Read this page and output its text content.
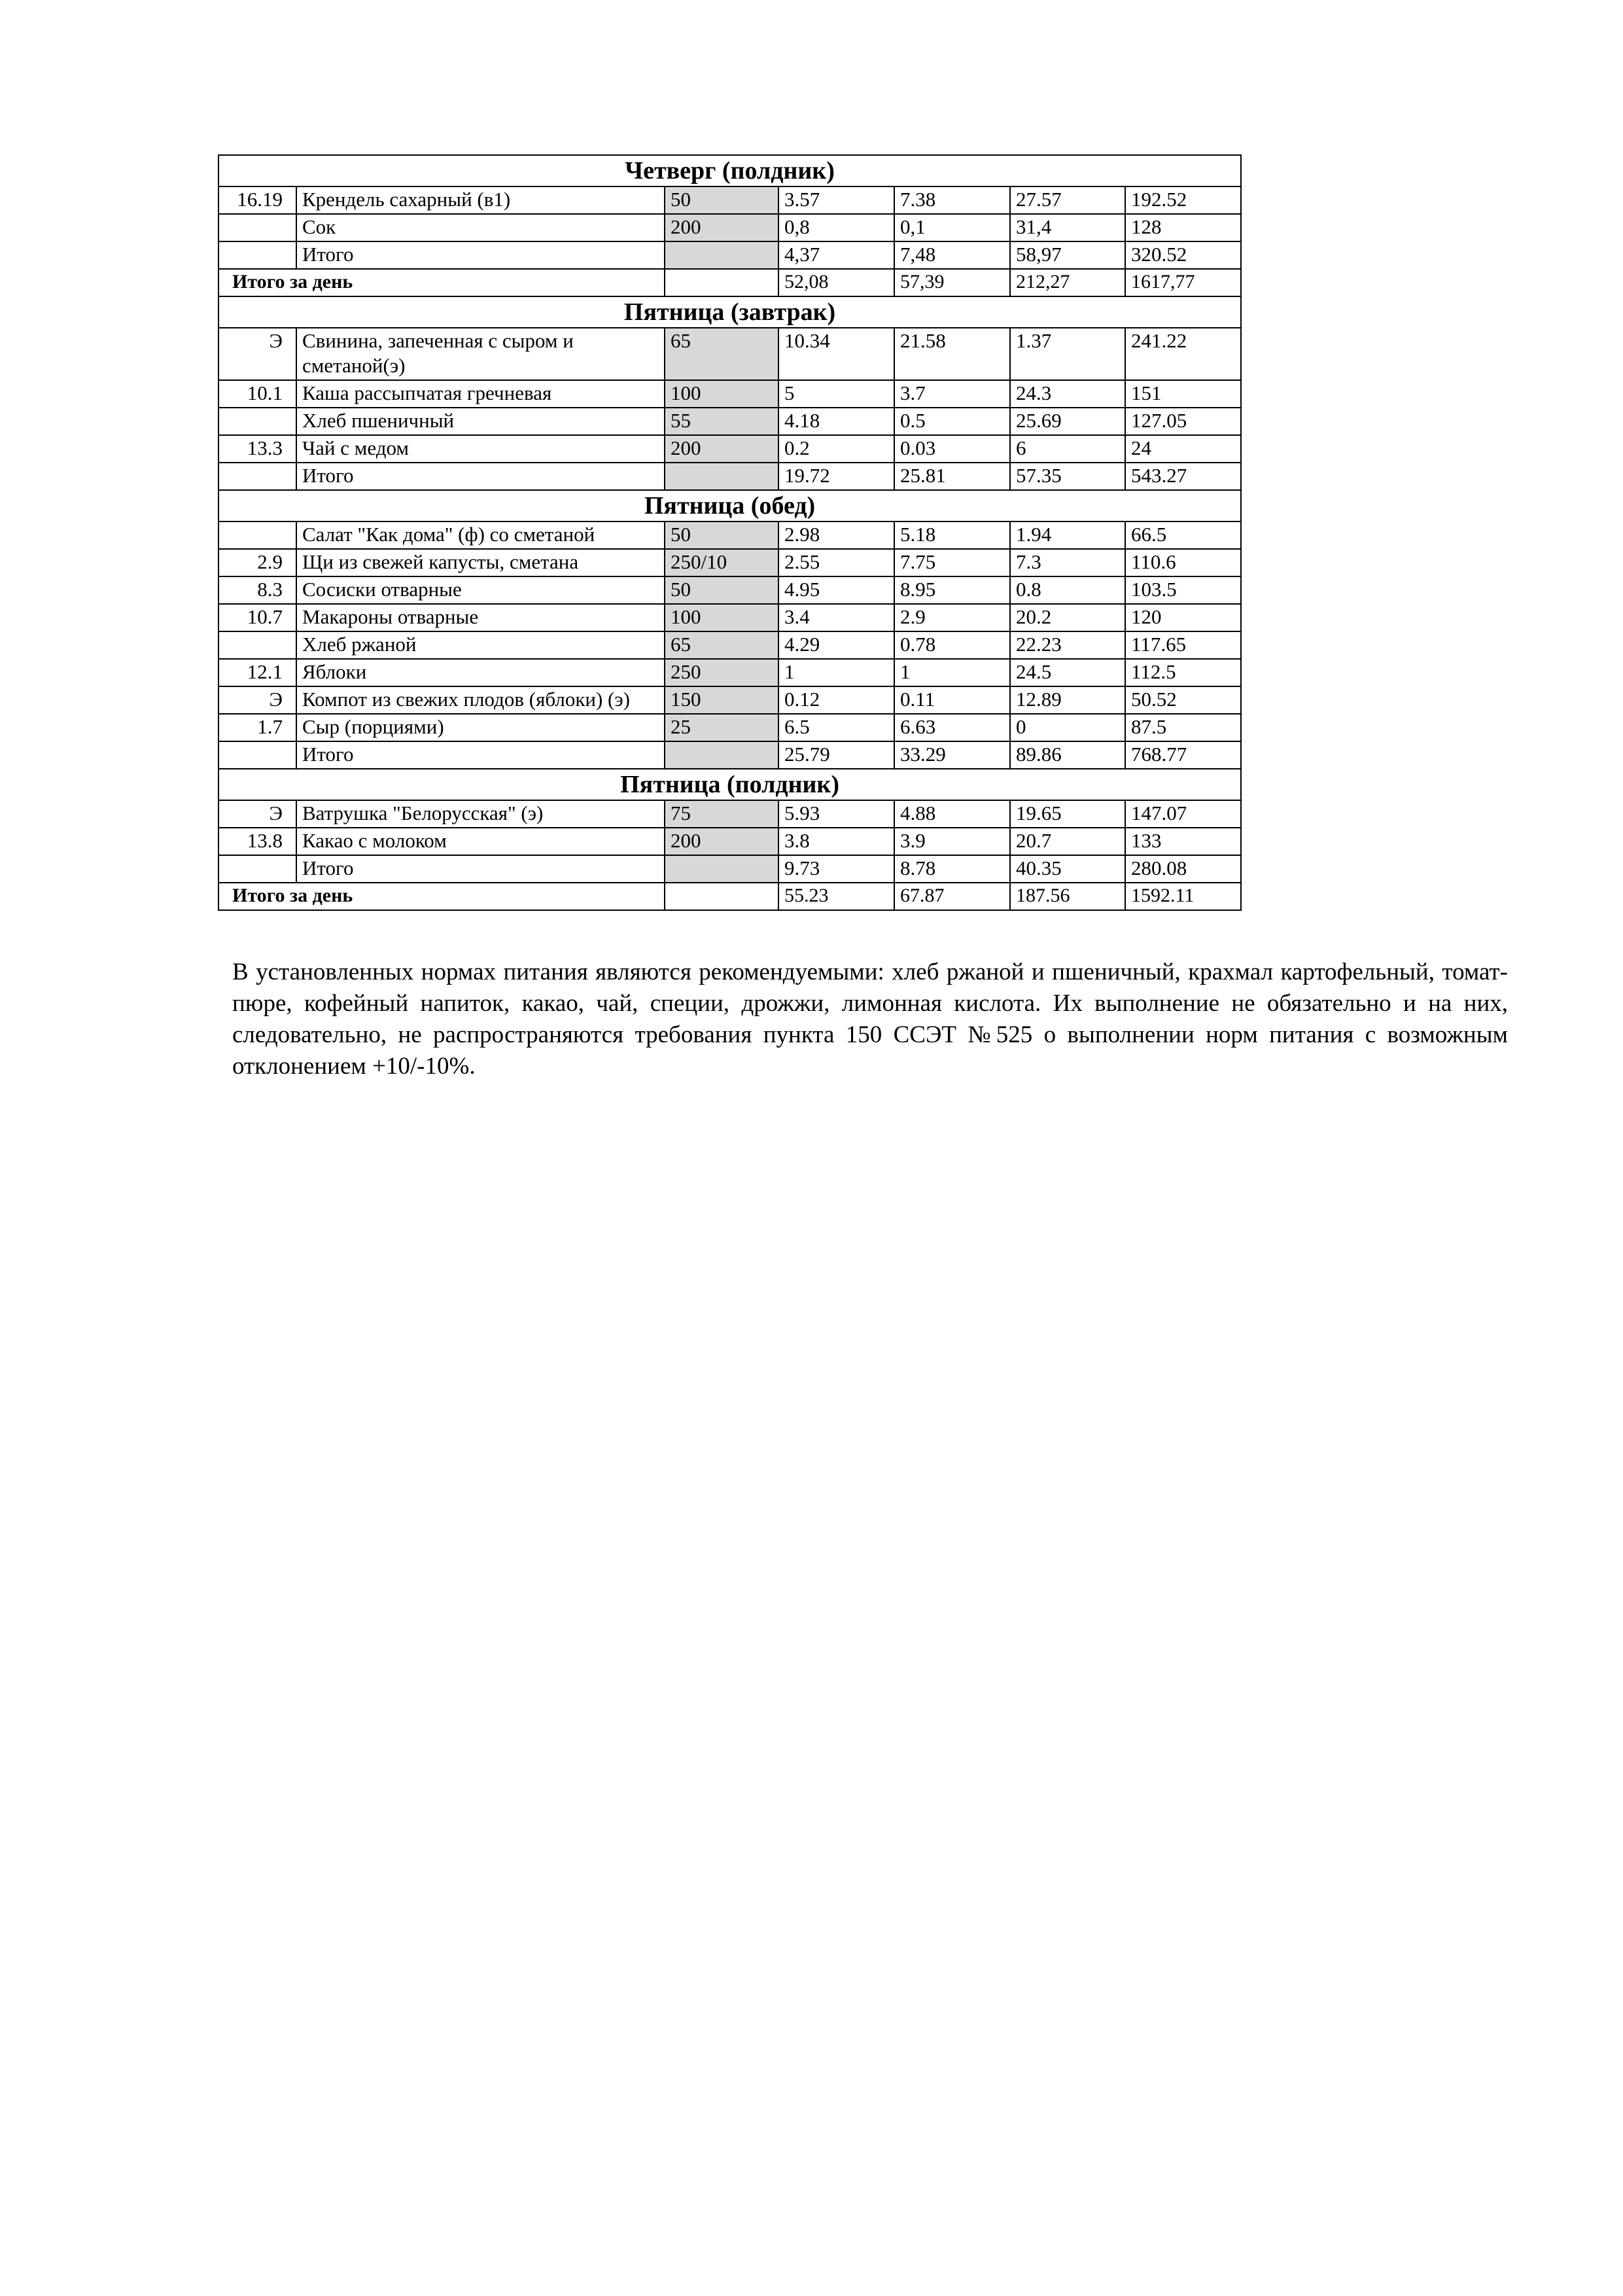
Четверг (полдник)						
16.19	Крендель сахарный (в1)	50	3.57	7.38	27.57	192.52
	Сок	200	0,8	0,1	31,4	128
	Итого		4,37	7,48	58,97	320.52
Итого за день			52,08	57,39	212,27	1617,77
Пятница (завтрак)						
Э	Свинина, запеченная с сыром и сметаной(э)	65	10.34	21.58	1.37	241.22
10.1	Каша рассыпчатая гречневая	100	5	3.7	24.3	151
	Хлеб пшеничный	55	4.18	0.5	25.69	127.05
13.3	Чай с медом	200	0.2	0.03	6	24
	Итого		19.72	25.81	57.35	543.27
Пятница (обед)						
	Салат "Как дома" (ф) со сметаной	50	2.98	5.18	1.94	66.5
2.9	Щи из свежей капусты, сметана	250/10	2.55	7.75	7.3	110.6
8.3	Сосиски отварные	50	4.95	8.95	0.8	103.5
10.7	Макароны отварные	100	3.4	2.9	20.2	120
	Хлеб ржаной	65	4.29	0.78	22.23	117.65
12.1	Яблоки	250	1	1	24.5	112.5
Э	Компот из свежих плодов (яблоки) (э)	150	0.12	0.11	12.89	50.52
1.7	Сыр (порциями)	25	6.5	6.63	0	87.5
	Итого		25.79	33.29	89.86	768.77
Пятница (полдник)						
Э	Ватрушка "Белорусская" (э)	75	5.93	4.88	19.65	147.07
13.8	Какао с молоком	200	3.8	3.9	20.7	133
	Итого		9.73	8.78	40.35	280.08
Итого за день			55.23	67.87	187.56	1592.11

В установленных нормах питания являются рекомендуемыми: хлеб ржаной и пшеничный, крахмал картофельный, томат-пюре, кофейный напиток, какао, чай, специи, дрожжи, лимонная кислота. Их выполнение не обязательно и на них, следовательно, не распространяются требования пункта 150 ССЭТ №525 о выполнении норм питания с возможным отклонением +10/-10%.
